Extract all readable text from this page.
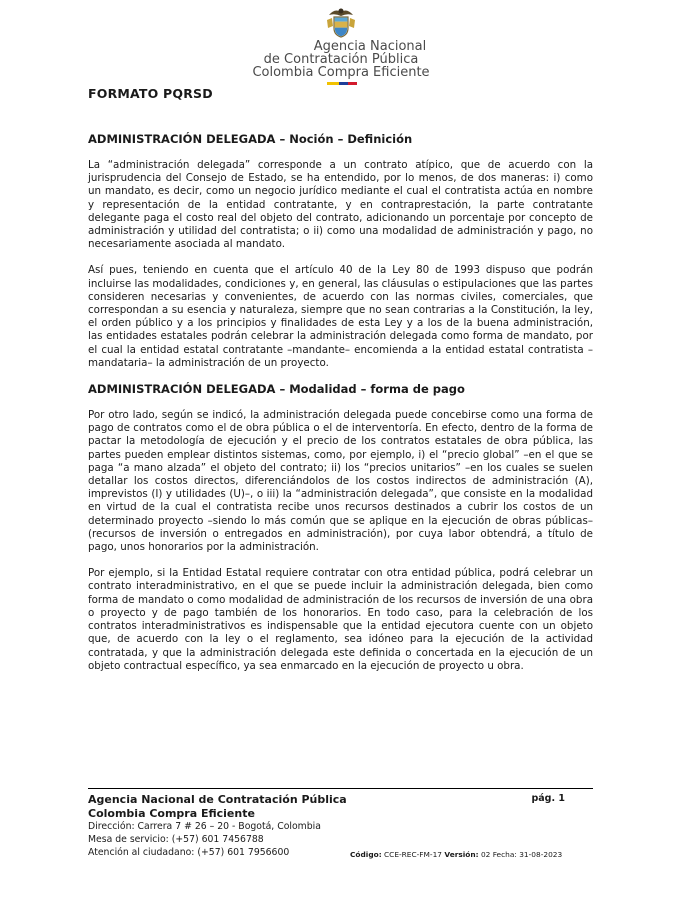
Agencia Nacional
de Contratación Pública
Colombia Compra Eficiente
FORMATO PQRSD
ADMINISTRACIÓN DELEGADA – Noción – Definición

La “administración delegada” corresponde a un contrato atípico, que de acuerdo con la jurisprudencia del Consejo de Estado, se ha entendido, por lo menos, de dos maneras: i) como un mandato, es decir, como un negocio jurídico mediante el cual el contratista actúa en nombre y representación de la entidad contratante, y en contraprestación, la parte contratante delegante paga el costo real del objeto del contrato, adicionando un porcentaje por concepto de administración y utilidad del contratista; o ii) como una modalidad de administración y pago, no necesariamente asociada al mandato.

Así pues, teniendo en cuenta que el artículo 40 de la Ley 80 de 1993 dispuso que podrán incluirse las modalidades, condiciones y, en general, las cláusulas o estipulaciones que las partes consideren necesarias y convenientes, de acuerdo con las normas civiles, comerciales, que correspondan a su esencia y naturaleza, siempre que no sean contrarias a la Constitución, la ley, el orden público y a los principios y finalidades de esta Ley y a los de la buena administración, las entidades estatales podrán celebrar la administración delegada como forma de mandato, por el cual la entidad estatal contratante –mandante– encomienda a la entidad estatal contratista –mandataria– la administración de un proyecto.

ADMINISTRACIÓN DELEGADA – Modalidad – forma de pago

Por otro lado, según se indicó, la administración delegada puede concebirse como una forma de pago de contratos como el de obra pública o el de interventoría. En efecto, dentro de la forma de pactar la metodología de ejecución y el precio de los contratos estatales de obra pública, las partes pueden emplear distintos sistemas, como, por ejemplo, i) el “precio global” –en el que se paga “a mano alzada” el objeto del contrato; ii) los “precios unitarios” –en los cuales se suelen detallar los costos directos, diferenciándolos de los costos indirectos de administración (A), imprevistos (I) y utilidades (U)–, o iii) la “administración delegada”, que consiste en la modalidad en virtud de la cual el contratista recibe unos recursos destinados a cubrir los costos de un determinado proyecto –siendo lo más común que se aplique en la ejecución de obras públicas– (recursos de inversión o entregados en administración), por cuya labor obtendrá, a título de pago, unos honorarios por la administración.

Por ejemplo, si la Entidad Estatal requiere contratar con otra entidad pública, podrá celebrar un contrato interadministrativo, en el que se puede incluir la administración delegada, bien como forma de mandato o como modalidad de administración de los recursos de inversión de una obra o proyecto y de pago también de los honorarios. En todo caso, para la celebración de los contratos interadministrativos es indispensable que la entidad ejecutora cuente con un objeto que, de acuerdo con la ley o el reglamento, sea idóneo para la ejecución de la actividad contratada, y que la administración delegada este definida o concertada en la ejecución de un objeto contractual específico, ya sea enmarcado en la ejecución de proyecto u obra.

Agencia Nacional de Contratación Pública	pág. 1
Colombia Compra Eficiente
Dirección: Carrera 7 # 26 – 20 - Bogotá, Colombia
Mesa de servicio: (+57) 601 7456788
Atención al ciudadano: (+57) 601 7956600	Código: CCE-REC-FM-17 Versión: 02 Fecha: 31-08-2023
